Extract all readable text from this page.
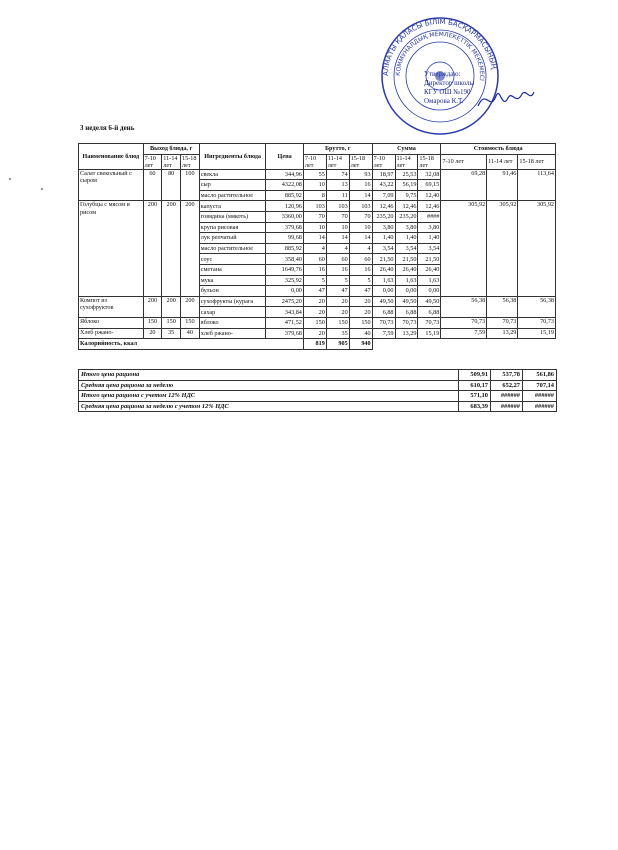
АЛМАТЫ ҚАЛАСЫ БІЛІМ БАСҚАРМАСЫНЫҢ
КОММУНАЛДЫҚ МЕМЛЕКЕТТІК МЕКЕМЕСІ
Утверждаю:
Директор школы
КГУ ОШ №190
Омарова К.Т.
3 неделя 6-й день
Наименование блюд	Выход блюда, г			Ингредиенты блюда	Цена	Брутто, г			Сумма			Стоимость блюда		
	7-10 лет	11-14 лет	15-18 лет			7-10 лет	11-14 лет	15-18 лет	7-10 лет	11-14 лет	15-18 лет	7-10 лет	11-14 лет	15-18 лет
Салат свекольный с сыром	60	80	100	свекла	344,96	55	74	93	18,97	25,53	32,08	69,28	91,46	113,64
				сыр	4322,08	10	13	16	43,22	56,19	69,15			
				масло растительное	885,92	8	11	14	7,09	9,75	12,40			
Голубцы с мясом и рисом	200	200	200	капуста	120,96	103	103	103	12,46	12,46	12,46	305,92	305,92	305,92
				говядина (мякоть)	3360,00	70	70	70	235,20	235,20	####			
				крупа рисовая	379,68	10	10	10	3,80	3,80	3,80			
				лук репчатый	99,68	14	14	14	1,40	1,40	1,40			
				масло растительное	885,92	4	4	4	3,54	3,54	3,54			
				соус	358,40	60	60	60	21,50	21,50	21,50			
				сметана	1649,76	16	16	16	26,40	26,40	26,40			
				мука	325,92	5	5	5	1,63	1,63	1,63			
				бульон	0,00	47	47	47	0,00	0,00	0,00			
Компот из сухофруктов	200	200	200	сухофрукты (курага	2475,20	20	20	20	49,50	49,50	49,50	56,38	56,38	56,38
				сахар	343,84	20	20	20	6,88	6,88	6,88			
Яблоко	150	150	150	яблоко	471,52	150	150	150	70,73	70,73	70,73	70,73	70,73	70,73
Хлеб ржано-	20	35	40	хлеб ржано-	379,68	20	35	40	7,59	13,29	15,19	7,59	13,29	15,19
Калорийность, ккал						819	905	940						
Итого цена рациона	509,91	537,78	561,86
Средняя цена рациона за неделю	610,17	652,27	707,14
Итого цена рациона с учетом 12% НДС	571,10	######	######
Средняя цена рациона за неделю с учетом 12% НДС	683,39	######	######
